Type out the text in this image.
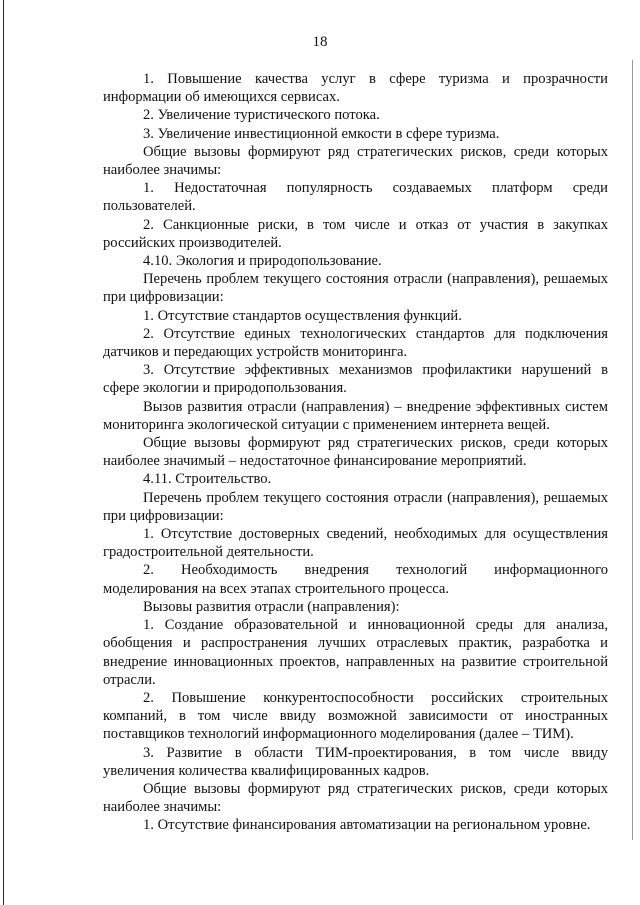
18

1. Повышение качества услуг в сфере туризма и прозрачности информации об имеющихся сервисах.

2. Увеличение туристического потока.

3. Увеличение инвестиционной емкости в сфере туризма.

Общие вызовы формируют ряд стратегических рисков, среди которых наиболее значимы:

1. Недостаточная популярность создаваемых платформ среди пользователей.

2. Санкционные риски, в том числе и отказ от участия в закупках российских производителей.

4.10. Экология и природопользование.

Перечень проблем текущего состояния отрасли (направления), решаемых при цифровизации:

1. Отсутствие стандартов осуществления функций.

2. Отсутствие единых технологических стандартов для подключения датчиков и передающих устройств мониторинга.

3. Отсутствие эффективных механизмов профилактики нарушений в сфере экологии и природопользования.

Вызов развития отрасли (направления) – внедрение эффективных систем мониторинга экологической ситуации с применением интернета вещей.

Общие вызовы формируют ряд стратегических рисков, среди которых наиболее значимый – недостаточное финансирование мероприятий.

4.11. Строительство.

Перечень проблем текущего состояния отрасли (направления), решаемых при цифровизации:

1. Отсутствие достоверных сведений, необходимых для осуществления градостроительной деятельности.

2. Необходимость внедрения технологий информационного моделирования на всех этапах строительного процесса.

Вызовы развития отрасли (направления):

1. Создание образовательной и инновационной среды для анализа, обобщения и распространения лучших отраслевых практик, разработка и внедрение инновационных проектов, направленных на развитие строительной отрасли.

2. Повышение конкурентоспособности российских строительных компаний, в том числе ввиду возможной зависимости от иностранных поставщиков технологий информационного моделирования (далее – ТИМ).

3. Развитие в области ТИМ-проектирования, в том числе ввиду увеличения количества квалифицированных кадров.

Общие вызовы формируют ряд стратегических рисков, среди которых наиболее значимы:

1. Отсутствие финансирования автоматизации на региональном уровне.
